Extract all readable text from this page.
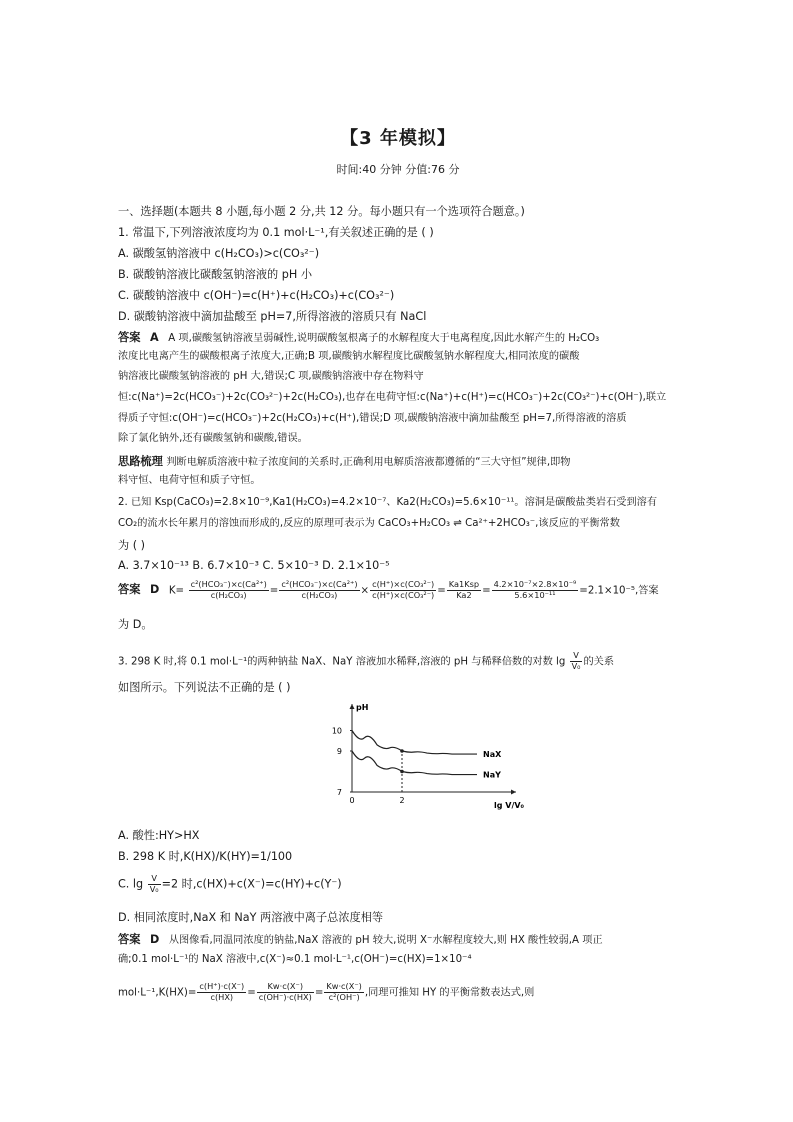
【3 年模拟】
时间:40 分钟 分值:76 分
一、选择题(本题共 8 小题,每小题 2 分,共 12 分。每小题只有一个选项符合题意。)
1. 常温下,下列溶液浓度均为 0.1 mol·L⁻¹,有关叙述正确的是 ( )
A. 碳酸氢钠溶液中 c(H₂CO₃)>c(CO₃²⁻)
B. 碳酸钠溶液比碳酸氢钠溶液的 pH 小
C. 碳酸钠溶液中 c(OH⁻)=c(H⁺)+c(H₂CO₃)+c(CO₃²⁻)
D. 碳酸钠溶液中滴加盐酸至 pH=7,所得溶液的溶质只有 NaCl
答案 A A 项,碳酸氢钠溶液呈弱碱性,说明碳酸氢根离子的水解程度大于电离程度,因此水解产生的 H₂CO₃
浓度比电离产生的碳酸根离子浓度大,正确;B 项,碳酸钠水解程度比碳酸氢钠水解程度大,相同浓度的碳酸
钠溶液比碳酸氢钠溶液的 pH 大,错误;C 项,碳酸钠溶液中存在物料守
恒:c(Na⁺)=2c(HCO₃⁻)+2c(CO₃²⁻)+2c(H₂CO₃),也存在电荷守恒:c(Na⁺)+c(H⁺)=c(HCO₃⁻)+2c(CO₃²⁻)+c(OH⁻),联立
得质子守恒:c(OH⁻)=c(HCO₃⁻)+2c(H₂CO₃)+c(H⁺),错误;D 项,碳酸钠溶液中滴加盐酸至 pH=7,所得溶液的溶质
除了氯化钠外,还有碳酸氢钠和碳酸,错误。
思路梳理 判断电解质溶液中粒子浓度间的关系时,正确利用电解质溶液都遵循的“三大守恒”规律,即物
料守恒、电荷守恒和质子守恒。
2. 已知 Ksp(CaCO₃)=2.8×10⁻⁹,Ka1(H₂CO₃)=4.2×10⁻⁷、Ka2(H₂CO₃)=5.6×10⁻¹¹。溶洞是碳酸盐类岩石受到溶有
CO₂的流水长年累月的溶蚀而形成的,反应的原理可表示为 CaCO₃+H₂CO₃ ⇌ Ca²⁺+2HCO₃⁻,该反应的平衡常数
为 ( )
A. 3.7×10⁻¹³ B. 6.7×10⁻³ C. 5×10⁻³ D. 2.1×10⁻⁵
答案 D $K= \frac{\text{c²(HCO₃⁻)×c(Ca²⁺)}}{\text{c(H₂CO₃)}} = \frac{\text{c²(HCO₃⁻)×c(Ca²⁺)}}{\text{c(H₂CO₃)}} \times \frac{\text{c(H⁺)×c(CO₃²⁻)}}{\text{c(H⁺)×c(CO₃²⁻)}} = \frac{\text{Ka1Ksp}}{Ka2} = \frac{\text{4.2×10⁻⁷×2.8×10⁻⁹}}{\text{5.6×10⁻¹¹}} =2.1\times 10^{-5}$,答案
为 D。
3. 298 K 时,将 0.1 mol·L⁻¹的两种钠盐 NaX、NaY 溶液加水稀释,溶液的 pH 与稀释倍数的对数 $\lg \frac{V}{\text{V₀}}$ 的关系
如图所示。下列说法不正确的是 ( )
pH
7
9
10
0	2
lg V/V₀
NaX
NaY
A. 酸性:HY>HX
B. 298 K 时,K(HX)/K(HY)=1/100
C. $\lg \frac{V}{\text{V₀}} =2$ 时,c(HX)+c(X⁻)=c(HY)+c(Y⁻)
D. 相同浓度时,NaX 和 NaY 两溶液中离子总浓度相等
答案 D 从图像看,同温同浓度的钠盐,NaX 溶液的 pH 较大,说明 X⁻水解程度较大,则 HX 酸性较弱,A 项正
确;0.1 mol·L⁻¹的 NaX 溶液中,c(X⁻)≈0.1 mol·L⁻¹,c(OH⁻)=c(HX)=1×10⁻⁴
$mol\cdot L^{-1},K(HX)= \frac{c(H^+)\cdot c(X^-)}{c(HX)} = \frac{Kw\cdot c(X^-)}{c(OH^-)\cdot c(HX)} = \frac{Kw\cdot c(X^-)}{\text{c²(OH⁻)}}$ ,同理可推知 HY 的平衡常数表达式,则
